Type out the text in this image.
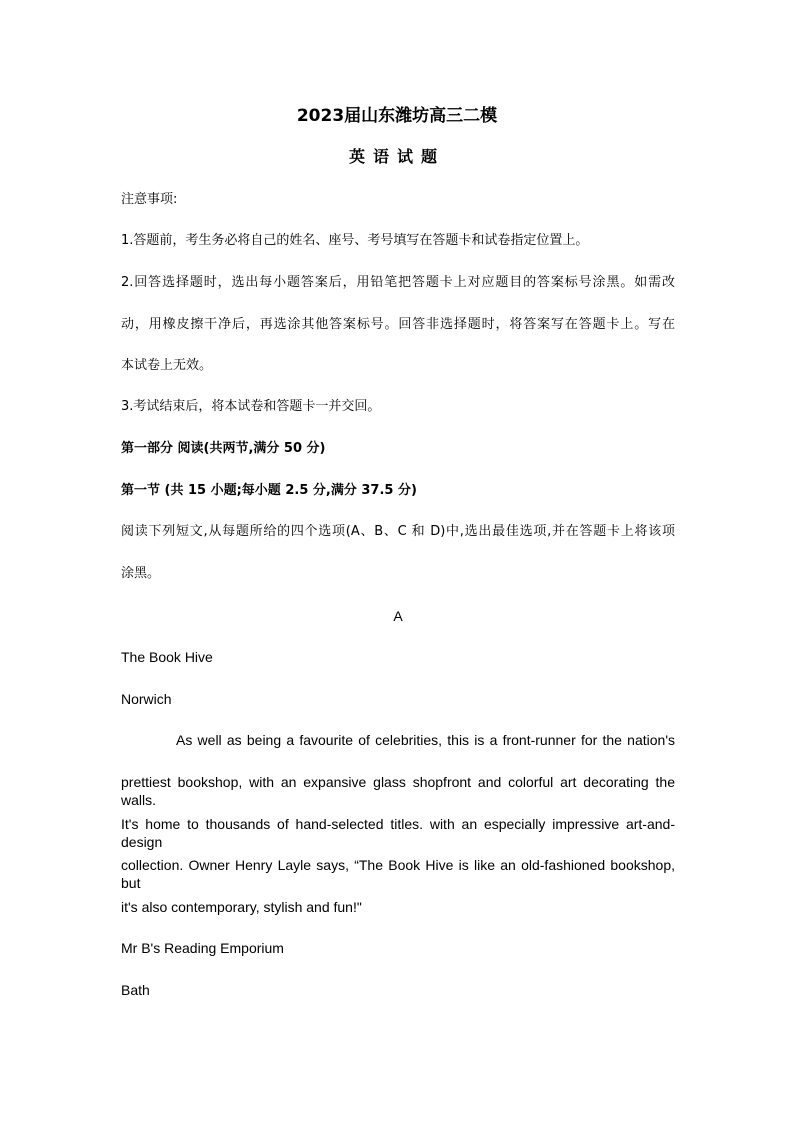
2023届山东潍坊高三二模
英语试题
注意事项:
1.答题前，考生务必将自己的姓名、座号、考号填写在答题卡和试卷指定位置上。
2.回答选择题时，选出每小题答案后，用铅笔把答题卡上对应题目的答案标号涂黑。如需改
动，用橡皮擦干净后，再选涂其他答案标号。回答非选择题时，将答案写在答题卡上。写在
本试卷上无效。
3.考试结束后，将本试卷和答题卡一并交回。
第一部分 阅读(共两节,满分 50 分)
第一节 (共 15 小题;每小题 2.5 分,满分 37.5 分)
阅读下列短文,从每题所给的四个选项(A、B、C 和 D)中,选出最佳选项,并在答题卡上将该项
涂黑。
A
The Book Hive
Norwich
As well as being a favourite of celebrities, this is a front-runner for the nation's
prettiest bookshop, with an expansive glass shopfront and colorful art decorating the walls.
It's home to thousands of hand-selected titles. with an especially impressive art-and-design
collection. Owner Henry Layle says, “The Book Hive is like an old-fashioned bookshop, but
it's also contemporary, stylish and fun!"
Mr B's Reading Emporium
Bath
